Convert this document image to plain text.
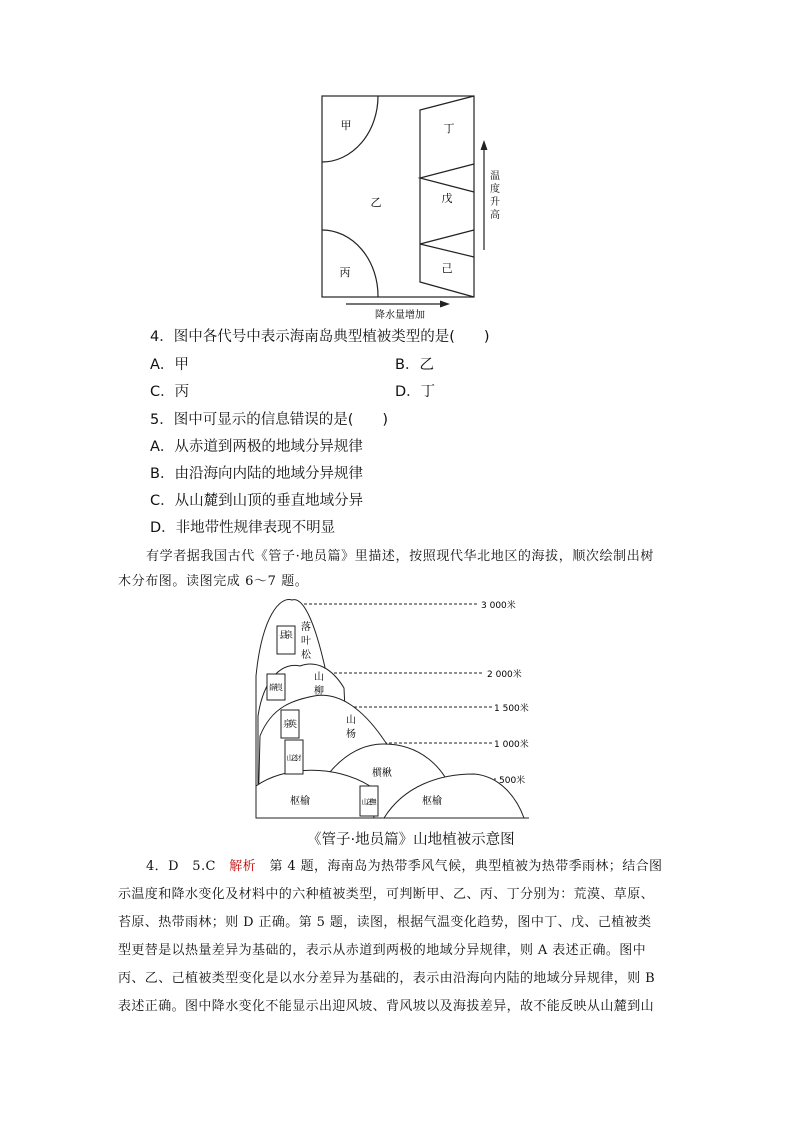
甲
乙
丙
丁
戊
己
温
度
升
高
降水量增加
4．图中各代号中表示海南岛典型植被类型的是(　　)
A．甲	B．乙
C．丙	D．丁
5．图中可显示的信息错误的是(　　)
A．从赤道到两极的地域分异规律
B．由沿海向内陆的地域分异规律
C．从山麓到山顶的垂直地域分异
D．非地带性规律表现不明显
有学者据我国古代《管子·地员篇》里描述，按照现代华北地区的海拔，顺次绘制出树
木分布图。读图完成 6～7 题。
3 000米
2 000米
1 500米
1 000米
500米
县泉
嶭峎
泉英
山之豺
山之橅
落
叶
松
山
柳
山
杨
樌楸
枢榆	枢榆
《管子·地员篇》山地植被示意图
4．D　5.C　解析　第 4 题，海南岛为热带季风气候，典型植被为热带季雨林；结合图
示温度和降水变化及材料中的六种植被类型，可判断甲、乙、丙、丁分别为：荒漠、草原、
苔原、热带雨林；则 D 正确。第 5 题，读图，根据气温变化趋势，图中丁、戊、己植被类
型更替是以热量差异为基础的，表示从赤道到两极的地域分异规律，则 A 表述正确。图中
丙、乙、己植被类型变化是以水分差异为基础的，表示由沿海向内陆的地域分异规律，则 B
表述正确。图中降水变化不能显示出迎风坡、背风坡以及海拔差异，故不能反映从山麓到山
